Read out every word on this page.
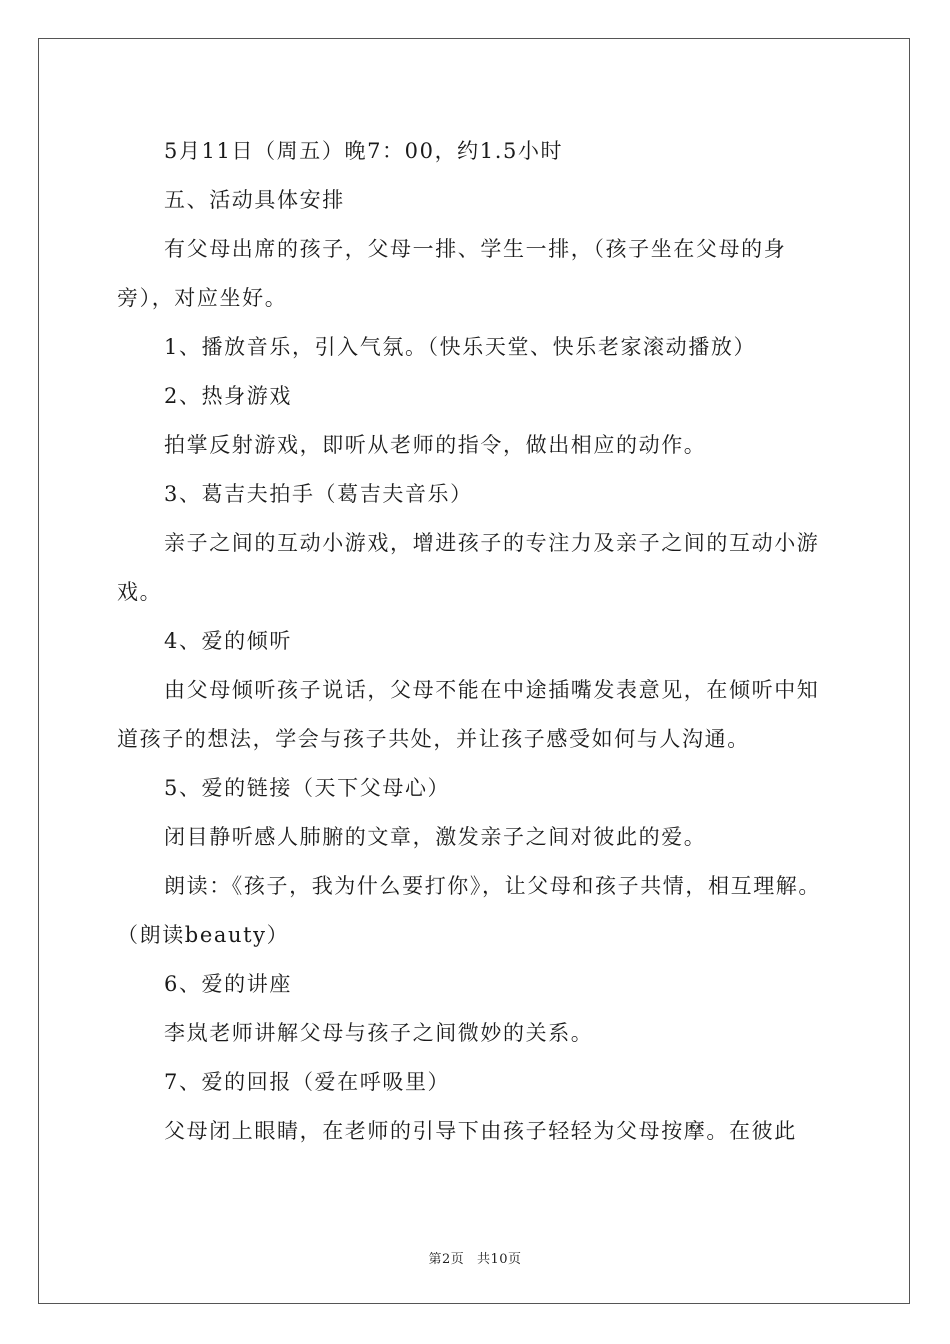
5月11日（周五）晚7：00，约1.5小时

五、活动具体安排

有父母出席的孩子，父母一排、学生一排，（孩子坐在父母的身旁），对应坐好。

1、播放音乐，引入气氛。（快乐天堂、快乐老家滚动播放）

2、热身游戏

拍掌反射游戏，即听从老师的指令，做出相应的动作。

3、葛吉夫拍手（葛吉夫音乐）

亲子之间的互动小游戏，增进孩子的专注力及亲子之间的互动小游戏。

4、爱的倾听

由父母倾听孩子说话，父母不能在中途插嘴发表意见，在倾听中知道孩子的想法，学会与孩子共处，并让孩子感受如何与人沟通。

5、爱的链接（天下父母心）

闭目静听感人肺腑的文章，激发亲子之间对彼此的爱。

朗读：《孩子，我为什么要打你》，让父母和孩子共情，相互理解。（朗读beauty）

6、爱的讲座

李岚老师讲解父母与孩子之间微妙的关系。

7、爱的回报（爱在呼吸里）

父母闭上眼睛，在老师的引导下由孩子轻轻为父母按摩。在彼此

第2页 共10页
